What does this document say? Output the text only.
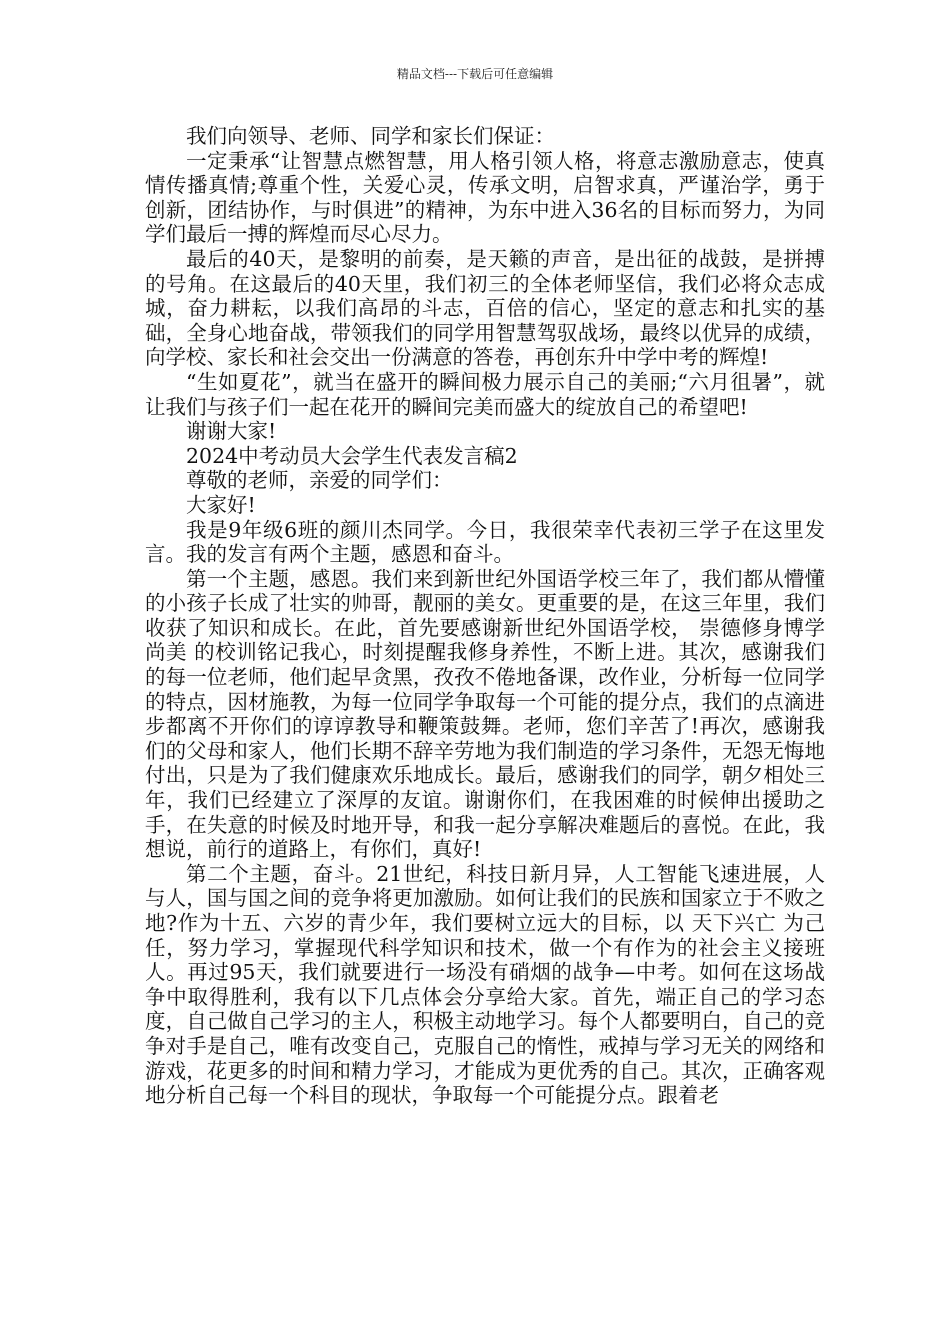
精品文档---下载后可任意编辑

我们向领导、老师、同学和家长们保证：

一定秉承“让智慧点燃智慧，用人格引领人格，将意志激励意志，使真情传播真情;尊重个性，关爱心灵，传承文明，启智求真，严谨治学，勇于创新，团结协作，与时俱进”的精神，为东中进入36名的目标而努力，为同学们最后一搏的辉煌而尽心尽力。

最后的40天，是黎明的前奏，是天籁的声音，是出征的战鼓，是拼搏的号角。在这最后的40天里，我们初三的全体老师坚信，我们必将众志成城，奋力耕耘，以我们高昂的斗志，百倍的信心，坚定的意志和扎实的基础，全身心地奋战，带领我们的同学用智慧驾驭战场，最终以优异的成绩，向学校、家长和社会交出一份满意的答卷，再创东升中学中考的辉煌!

“生如夏花”，就当在盛开的瞬间极力展示自己的美丽;“六月徂暑”，就让我们与孩子们一起在花开的瞬间完美而盛大的绽放自己的希望吧!

谢谢大家!

2024中考动员大会学生代表发言稿2

尊敬的老师，亲爱的同学们：

大家好!

我是9年级6班的颜川杰同学。今日，我很荣幸代表初三学子在这里发言。我的发言有两个主题，感恩和奋斗。

第一个主题，感恩。我们来到新世纪外国语学校三年了，我们都从懵懂的小孩子长成了壮实的帅哥，靓丽的美女。更重要的是，在这三年里，我们收获了知识和成长。在此，首先要感谢新世纪外国语学校， 崇德修身博学尚美 的校训铭记我心，时刻提醒我修身养性，不断上进。其次，感谢我们的每一位老师，他们起早贪黑，孜孜不倦地备课，改作业，分析每一位同学的特点，因材施教，为每一位同学争取每一个可能的提分点，我们的点滴进步都离不开你们的谆谆教导和鞭策鼓舞。老师，您们辛苦了!再次，感谢我们的父母和家人，他们长期不辞辛劳地为我们制造的学习条件，无怨无悔地付出，只是为了我们健康欢乐地成长。最后，感谢我们的同学，朝夕相处三年，我们已经建立了深厚的友谊。谢谢你们，在我困难的时候伸出援助之手，在失意的时候及时地开导，和我一起分享解决难题后的喜悦。在此，我想说，前行的道路上，有你们，真好!

第二个主题，奋斗。21世纪，科技日新月异，人工智能飞速进展，人与人，国与国之间的竞争将更加激励。如何让我们的民族和国家立于不败之地?作为十五、六岁的青少年，我们要树立远大的目标，以 天下兴亡 为己任，努力学习，掌握现代科学知识和技术，做一个有作为的社会主义接班人。再过95天，我们就要进行一场没有硝烟的战争—中考。如何在这场战争中取得胜利，我有以下几点体会分享给大家。首先，端正自己的学习态度，自己做自己学习的主人，积极主动地学习。每个人都要明白，自己的竞争对手是自己，唯有改变自己，克服自己的惰性，戒掉与学习无关的网络和游戏，花更多的时间和精力学习，才能成为更优秀的自己。其次，正确客观地分析自己每一个科目的现状，争取每一个可能提分点。跟着老
